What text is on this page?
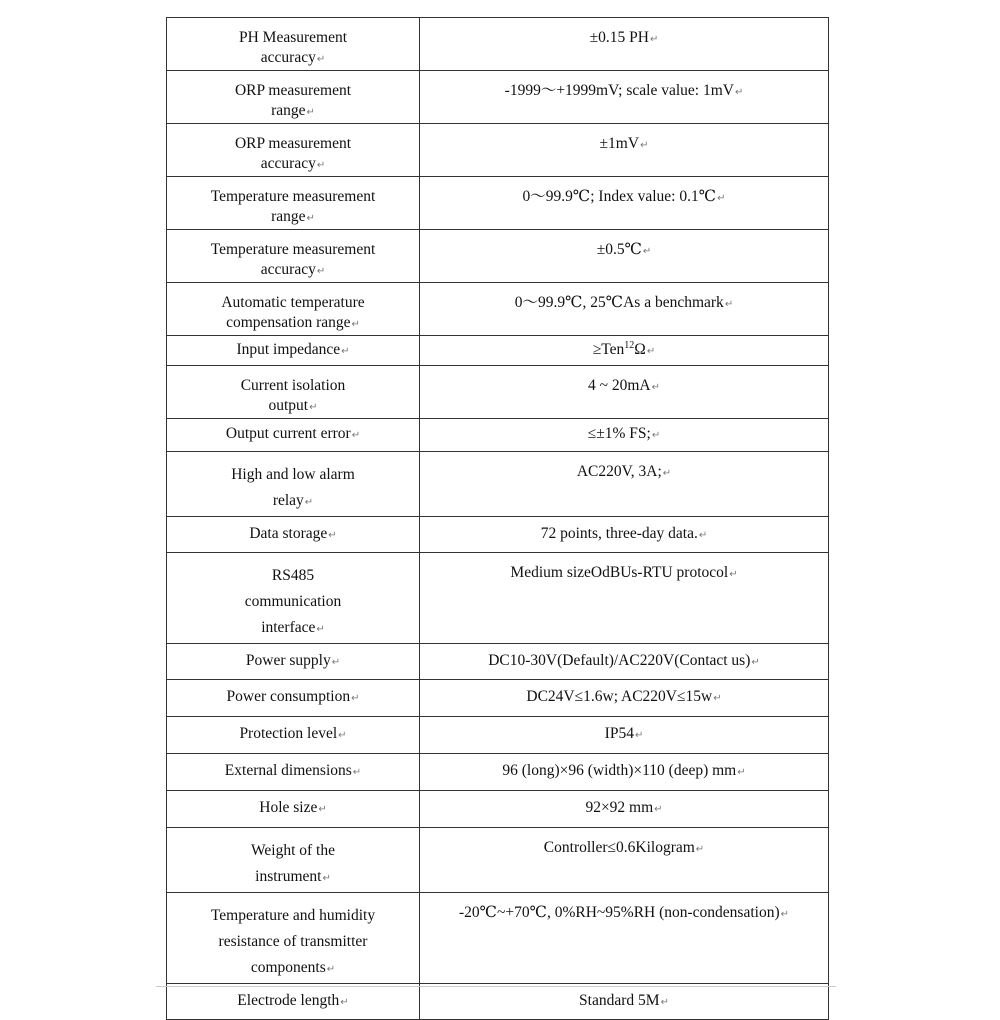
PH Measurement accuracy↵	±0.15 PH↵
ORP measurement range↵	-1999～+1999mV; scale value: 1mV↵
ORP measurement accuracy↵	±1mV↵
Temperature measurement range↵	0～99.9℃; Index value: 0.1℃↵
Temperature measurement accuracy↵	±0.5℃↵
Automatic temperature compensation range↵	0～99.9℃, 25℃As a benchmark↵
Input impedance↵	≥Ten$^{12}$Ω↵
Current isolation output↵	4 ~ 20mA↵
Output current error↵	≤±1% FS;↵
High and low alarm relay↵	AC220V, 3A;↵
Data storage↵	72 points, three-day data.↵
RS485 communication interface↵	Medium sizeOdBUs-RTU protocol↵
Power supply↵	DC10-30V(Default)/AC220V(Contact us)↵
Power consumption↵	DC24V≤1.6w; AC220V≤15w↵
Protection level↵	IP54↵
External dimensions↵	96 (long)×96 (width)×110 (deep) mm↵
Hole size↵	92×92 mm↵
Weight of the instrument↵	Controller≤0.6Kilogram↵
Temperature and humidity resistance of transmitter components↵	-20℃~+70℃, 0%RH~95%RH (non-condensation)↵
Electrode length↵	Standard 5M↵
